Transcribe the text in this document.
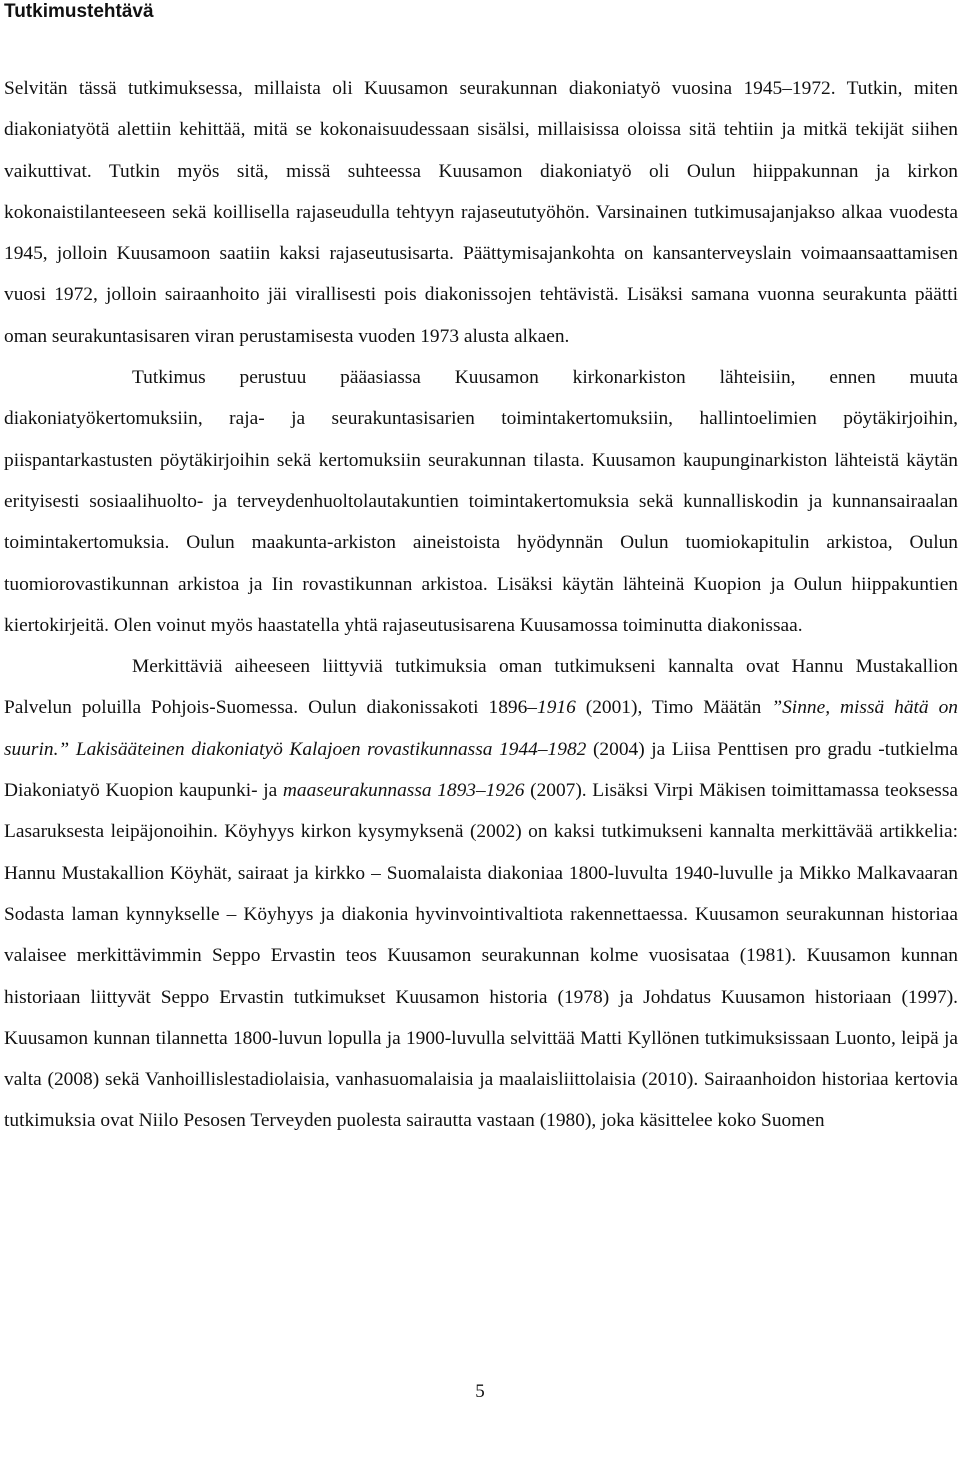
Tutkimustehtävä

Selvitän tässä tutkimuksessa, millaista oli Kuusamon seurakunnan diakoniatyö vuosina 1945–1972. Tutkin, miten diakoniatyötä alettiin kehittää, mitä se kokonaisuudessaan sisälsi, millaisissa oloissa sitä tehtiin ja mitkä tekijät siihen vaikuttivat. Tutkin myös sitä, missä suhteessa Kuusamon diakoniatyö oli Oulun hiippakunnan ja kirkon kokonaistilanteeseen sekä koillisella rajaseudulla tehtyyn rajaseututyöhön. Varsinainen tutkimusajanjakso alkaa vuodesta 1945, jolloin Kuusamoon saatiin kaksi rajaseutusisarta. Päättymisajankohta on kansanterveyslain voimaansaattamisen vuosi 1972, jolloin sairaanhoito jäi virallisesti pois diakonissojen tehtävistä. Lisäksi samana vuonna seurakunta päätti oman seurakuntasisaren viran perustamisesta vuoden 1973 alusta alkaen.

Tutkimus perustuu pääasiassa Kuusamon kirkonarkiston lähteisiin, ennen muuta diakoniatyökertomuksiin, raja- ja seurakuntasisarien toimintakertomuksiin, hallintoelimien pöytäkirjoihin, piispantarkastusten pöytäkirjoihin sekä kertomuksiin seurakunnan tilasta. Kuusamon kaupunginarkiston lähteistä käytän erityisesti sosiaalihuolto- ja terveydenhuoltolautakuntien toimintakertomuksia sekä kunnalliskodin ja kunnansairaalan toimintakertomuksia. Oulun maakunta-arkiston aineistoista hyödynnän Oulun tuomiokapitulin arkistoa, Oulun tuomiorovastikunnan arkistoa ja Iin rovastikunnan arkistoa. Lisäksi käytän lähteinä Kuopion ja Oulun hiippakuntien kiertokirjeitä. Olen voinut myös haastatella yhtä rajaseutusisarena Kuusamossa toiminutta diakonissaa.

Merkittäviä aiheeseen liittyviä tutkimuksia oman tutkimukseni kannalta ovat Hannu Mustakallion Palvelun poluilla Pohjois-Suomessa. Oulun diakonissakoti 1896–1916 (2001), Timo Määtän ”Sinne, missä hätä on suurin.” Lakisääteinen diakoniatyö Kalajoen rovastikunnassa 1944–1982 (2004) ja Liisa Penttisen pro gradu -tutkielma Diakoniatyö Kuopion kaupunki- ja maaseurakunnassa 1893–1926 (2007). Lisäksi Virpi Mäkisen toimittamassa teoksessa Lasaruksesta leipäjonoihin. Köyhyys kirkon kysymyksenä (2002) on kaksi tutkimukseni kannalta merkittävää artikkelia: Hannu Mustakallion Köyhät, sairaat ja kirkko – Suomalaista diakoniaa 1800-luvulta 1940-luvulle ja Mikko Malkavaaran Sodasta laman kynnykselle – Köyhyys ja diakonia hyvinvointivaltiota rakennettaessa. Kuusamon seurakunnan historiaa valaisee merkittävimmin Seppo Ervastin teos Kuusamon seurakunnan kolme vuosisataa (1981). Kuusamon kunnan historiaan liittyvät Seppo Ervastin tutkimukset Kuusamon historia (1978) ja Johdatus Kuusamon historiaan (1997). Kuusamon kunnan tilannetta 1800-luvun lopulla ja 1900-luvulla selvittää Matti Kyllönen tutkimuksissaan Luonto, leipä ja valta (2008) sekä Vanhoillislestadiolaisia, vanhasuomalaisia ja maalaisliittolaisia (2010). Sairaanhoidon historiaa kertovia tutkimuksia ovat Niilo Pesosen Terveyden puolesta sairautta vastaan (1980), joka käsittelee koko Suomen

5
